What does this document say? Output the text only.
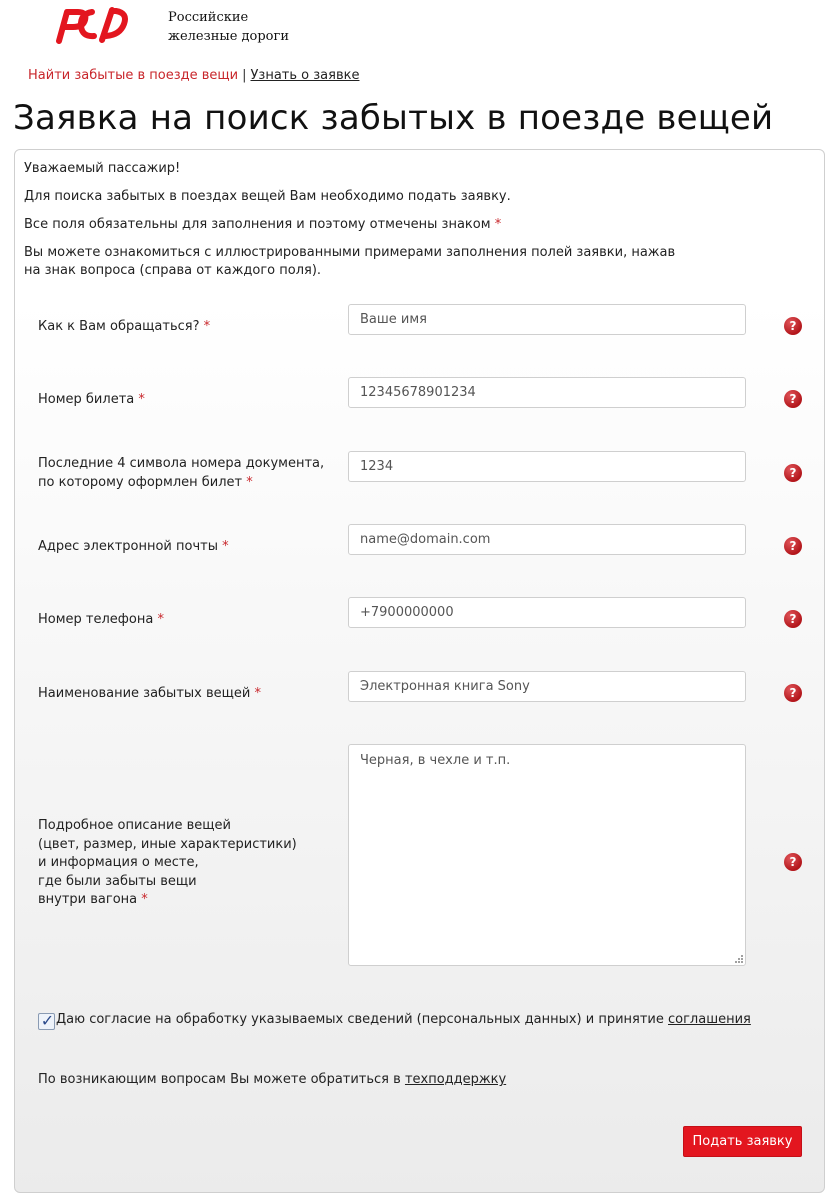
Российские
железные дороги
Найти забытые в поезде вещи | Узнать о заявке
Заявка на поиск забытых в поезде вещей
Уважаемый пассажир!
Для поиска забытых в поездах вещей Вам необходимо подать заявку.
Все поля обязательны для заполнения и поэтому отмечены знаком *
Вы можете ознакомиться с иллюстрированными примерами заполнения полей заявки, нажав
на знак вопроса (справа от каждого поля).
Как к Вам обращаться? *
Ваше имя	?
Номер билета *
12345678901234	?
Последние 4 символа номера документа,
по которому оформлен билет *
1234
?
Адрес электронной почты *
name@domain.com	?
Номер телефона *
+7900000000	?
Наименование забытых вещей *
Электронная книга Sony	?
Подробное описание вещей
(цвет, размер, иные характеристики)
и информация о месте,
где были забыты вещи
внутри вагона *
Черная, в чехле и т.п.
?
✓ Даю согласие на обработку указываемых сведений (персональных данных) и принятие соглашения
По возникающим вопросам Вы можете обратиться в техподдержку
Подать заявку
